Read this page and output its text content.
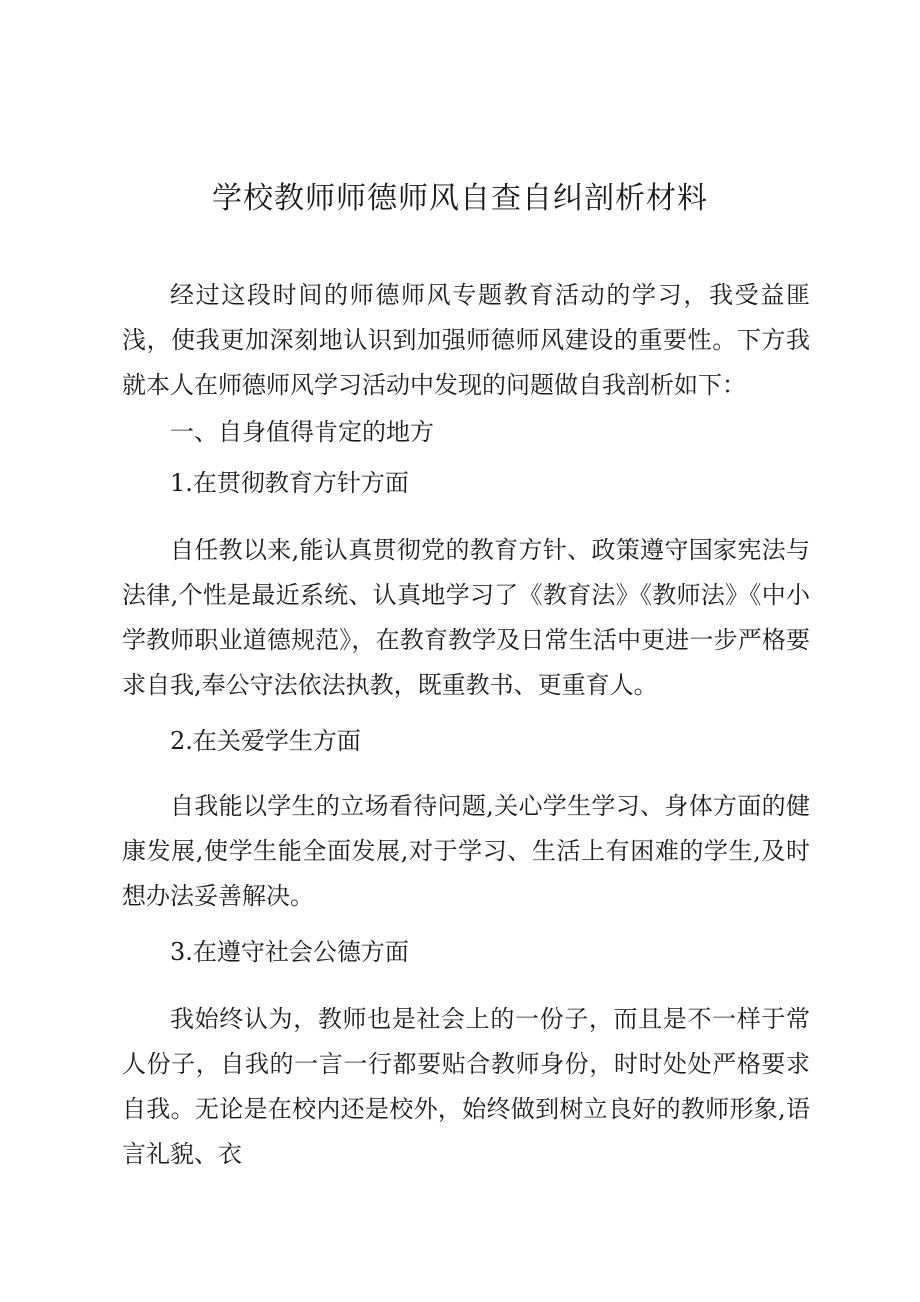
学校教师师德师风自查自纠剖析材料

经过这段时间的师德师风专题教育活动的学习，我受益匪浅，使我更加深刻地认识到加强师德师风建设的重要性。下方我就本人在师德师风学习活动中发现的问题做自我剖析如下：

一、自身值得肯定的地方

1.在贯彻教育方针方面

自任教以来,能认真贯彻党的教育方针、政策遵守国家宪法与法律,个性是最近系统、认真地学习了《教育法》《教师法》《中小学教师职业道德规范》，在教育教学及日常生活中更进一步严格要求自我,奉公守法依法执教，既重教书、更重育人。

2.在关爱学生方面

自我能以学生的立场看待问题,关心学生学习、身体方面的健康发展,使学生能全面发展,对于学习、生活上有困难的学生,及时想办法妥善解决。

3.在遵守社会公德方面

我始终认为，教师也是社会上的一份子，而且是不一样于常人份子，自我的一言一行都要贴合教师身份，时时处处严格要求自我。无论是在校内还是校外，始终做到树立良好的教师形象,语言礼貌、衣
